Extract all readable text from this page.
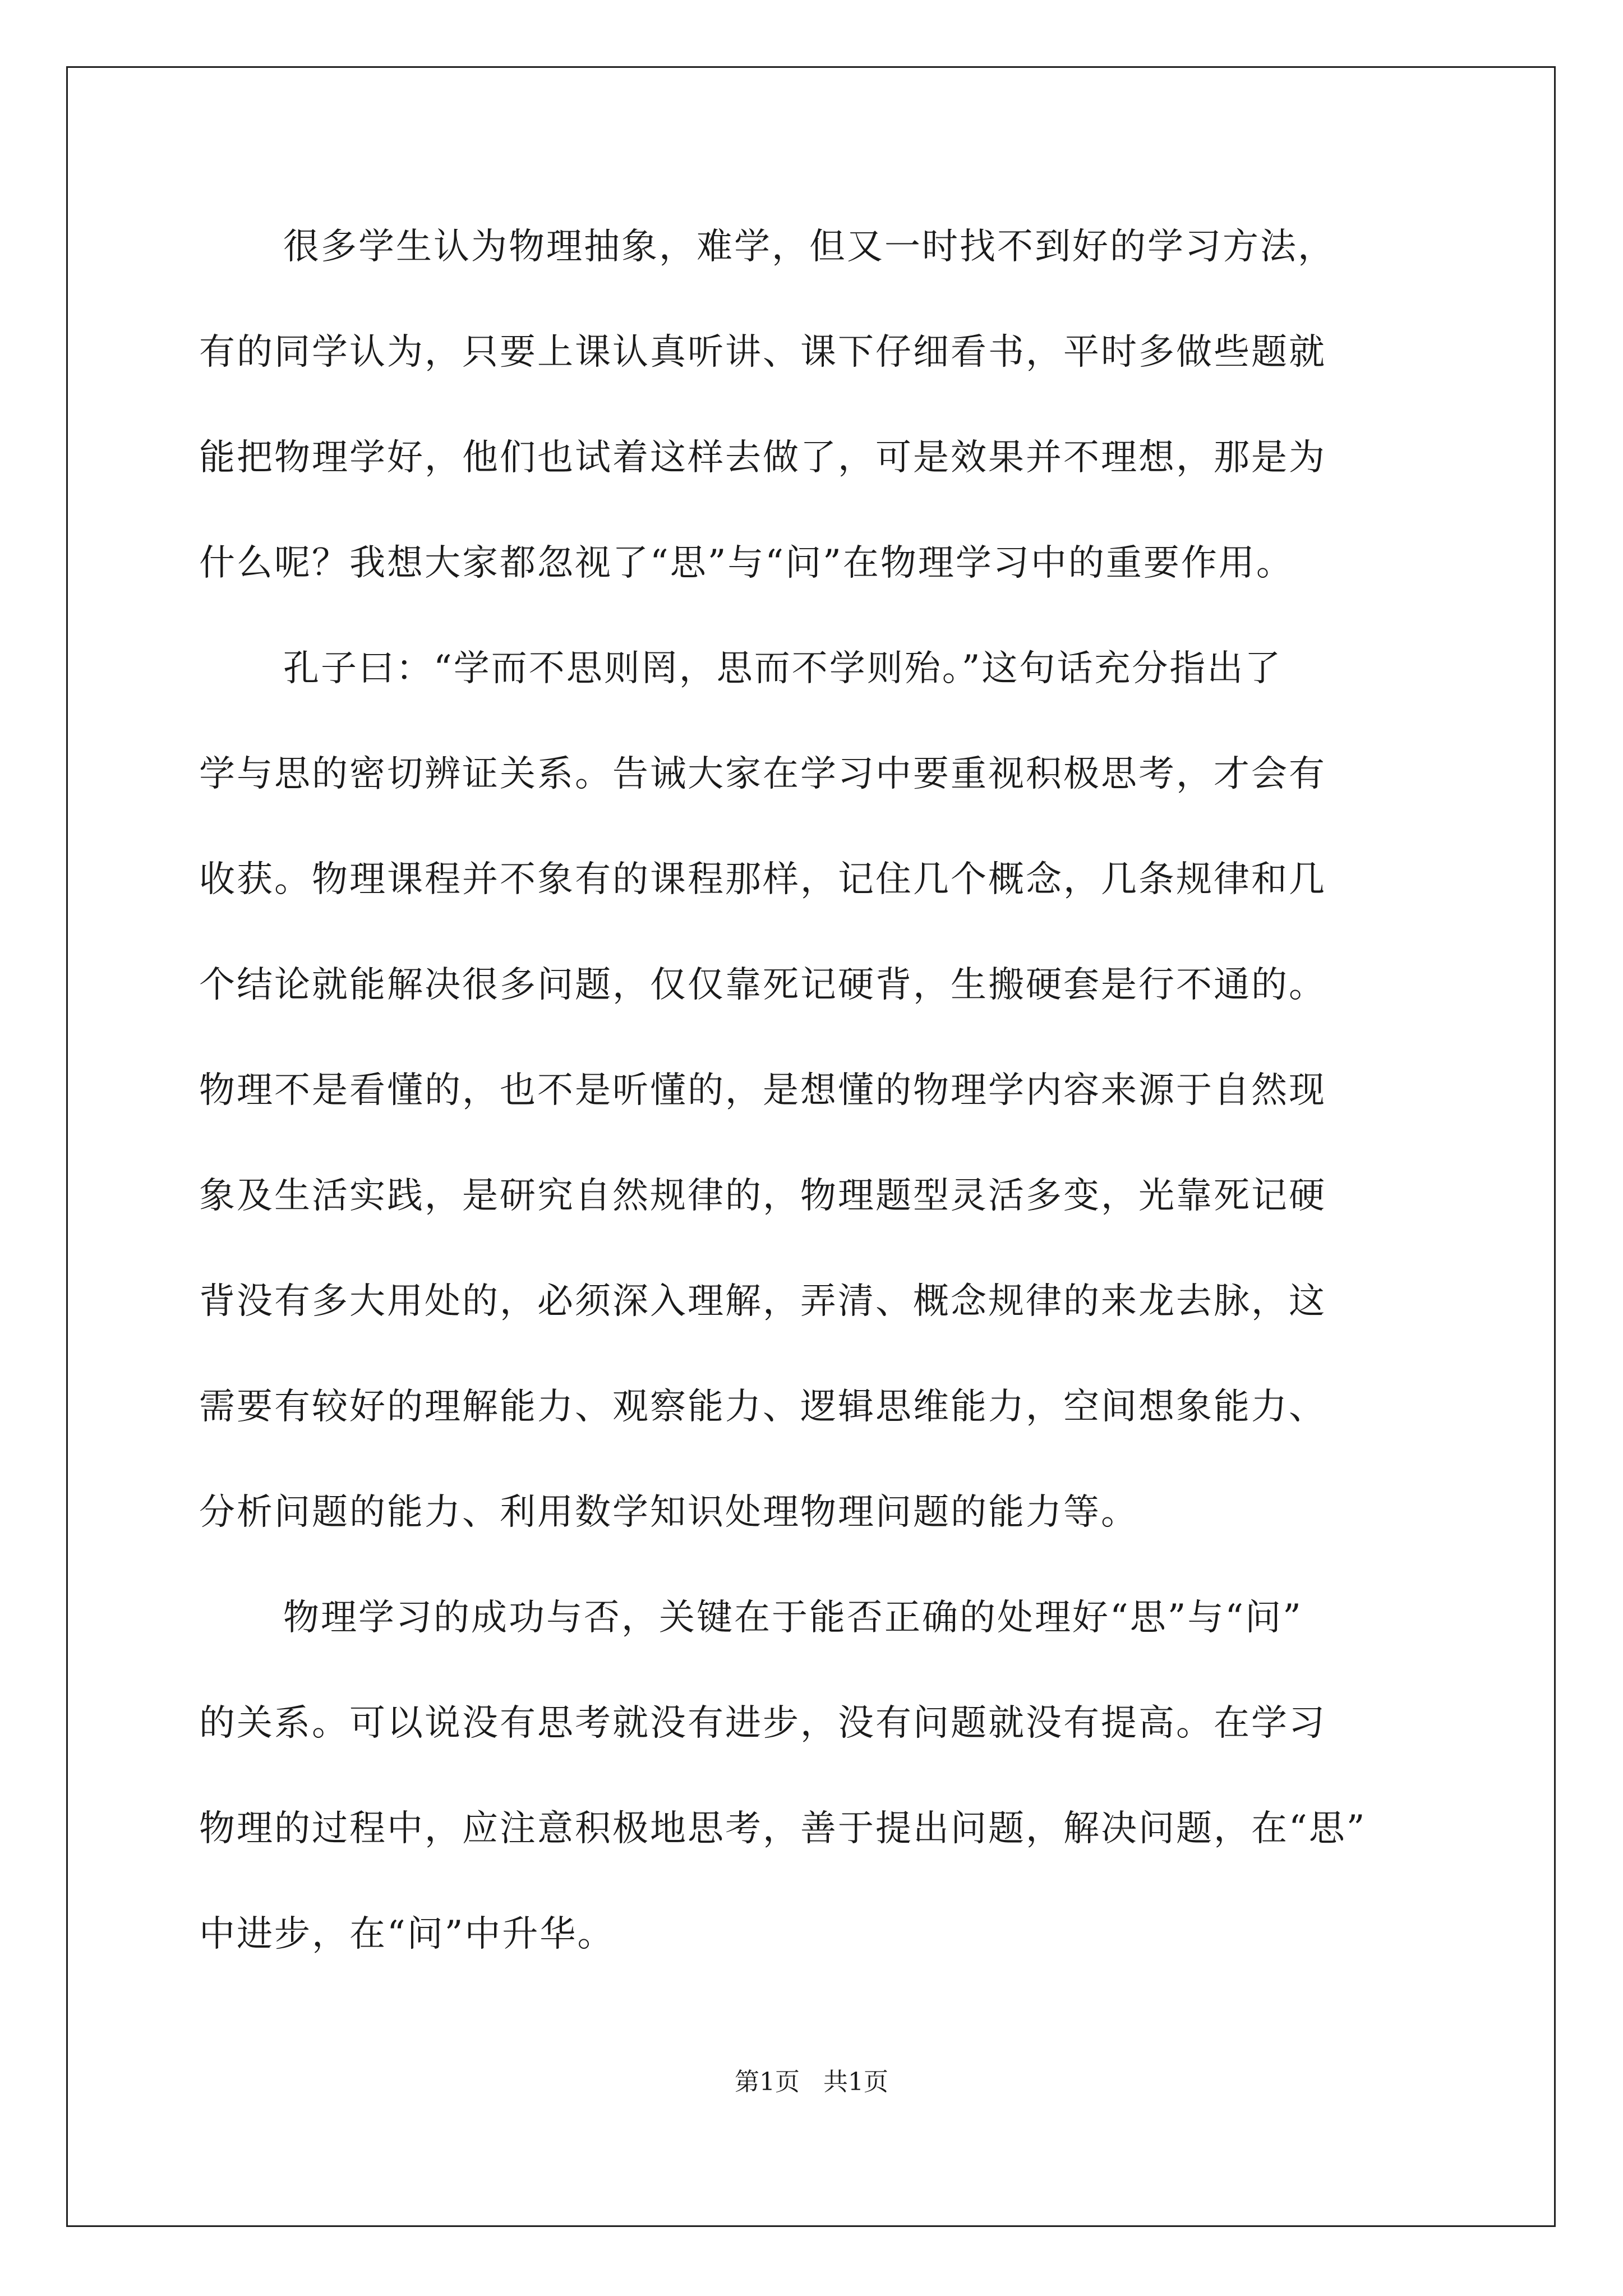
很多学生认为物理抽象，难学，但又一时找不到好的学习方法，
有的同学认为，只要上课认真听讲、课下仔细看书，平时多做些题就
能把物理学好，他们也试着这样去做了，可是效果并不理想，那是为
什么呢？我想大家都忽视了“思”与“问”在物理学习中的重要作用。
孔子曰：“学而不思则罔，思而不学则殆。”这句话充分指出了
学与思的密切辨证关系。告诫大家在学习中要重视积极思考，才会有
收获。物理课程并不象有的课程那样，记住几个概念，几条规律和几
个结论就能解决很多问题，仅仅靠死记硬背，生搬硬套是行不通的。
物理不是看懂的，也不是听懂的，是想懂的物理学内容来源于自然现
象及生活实践，是研究自然规律的，物理题型灵活多变，光靠死记硬
背没有多大用处的，必须深入理解，弄清、概念规律的来龙去脉，这
需要有较好的理解能力、观察能力、逻辑思维能力，空间想象能力、
分析问题的能力、利用数学知识处理物理问题的能力等。
物理学习的成功与否，关键在于能否正确的处理好“思”与“问”
的关系。可以说没有思考就没有进步，没有问题就没有提高。在学习
物理的过程中，应注意积极地思考，善于提出问题，解决问题，在“思”
中进步，在“问”中升华。
第1页 共1页
